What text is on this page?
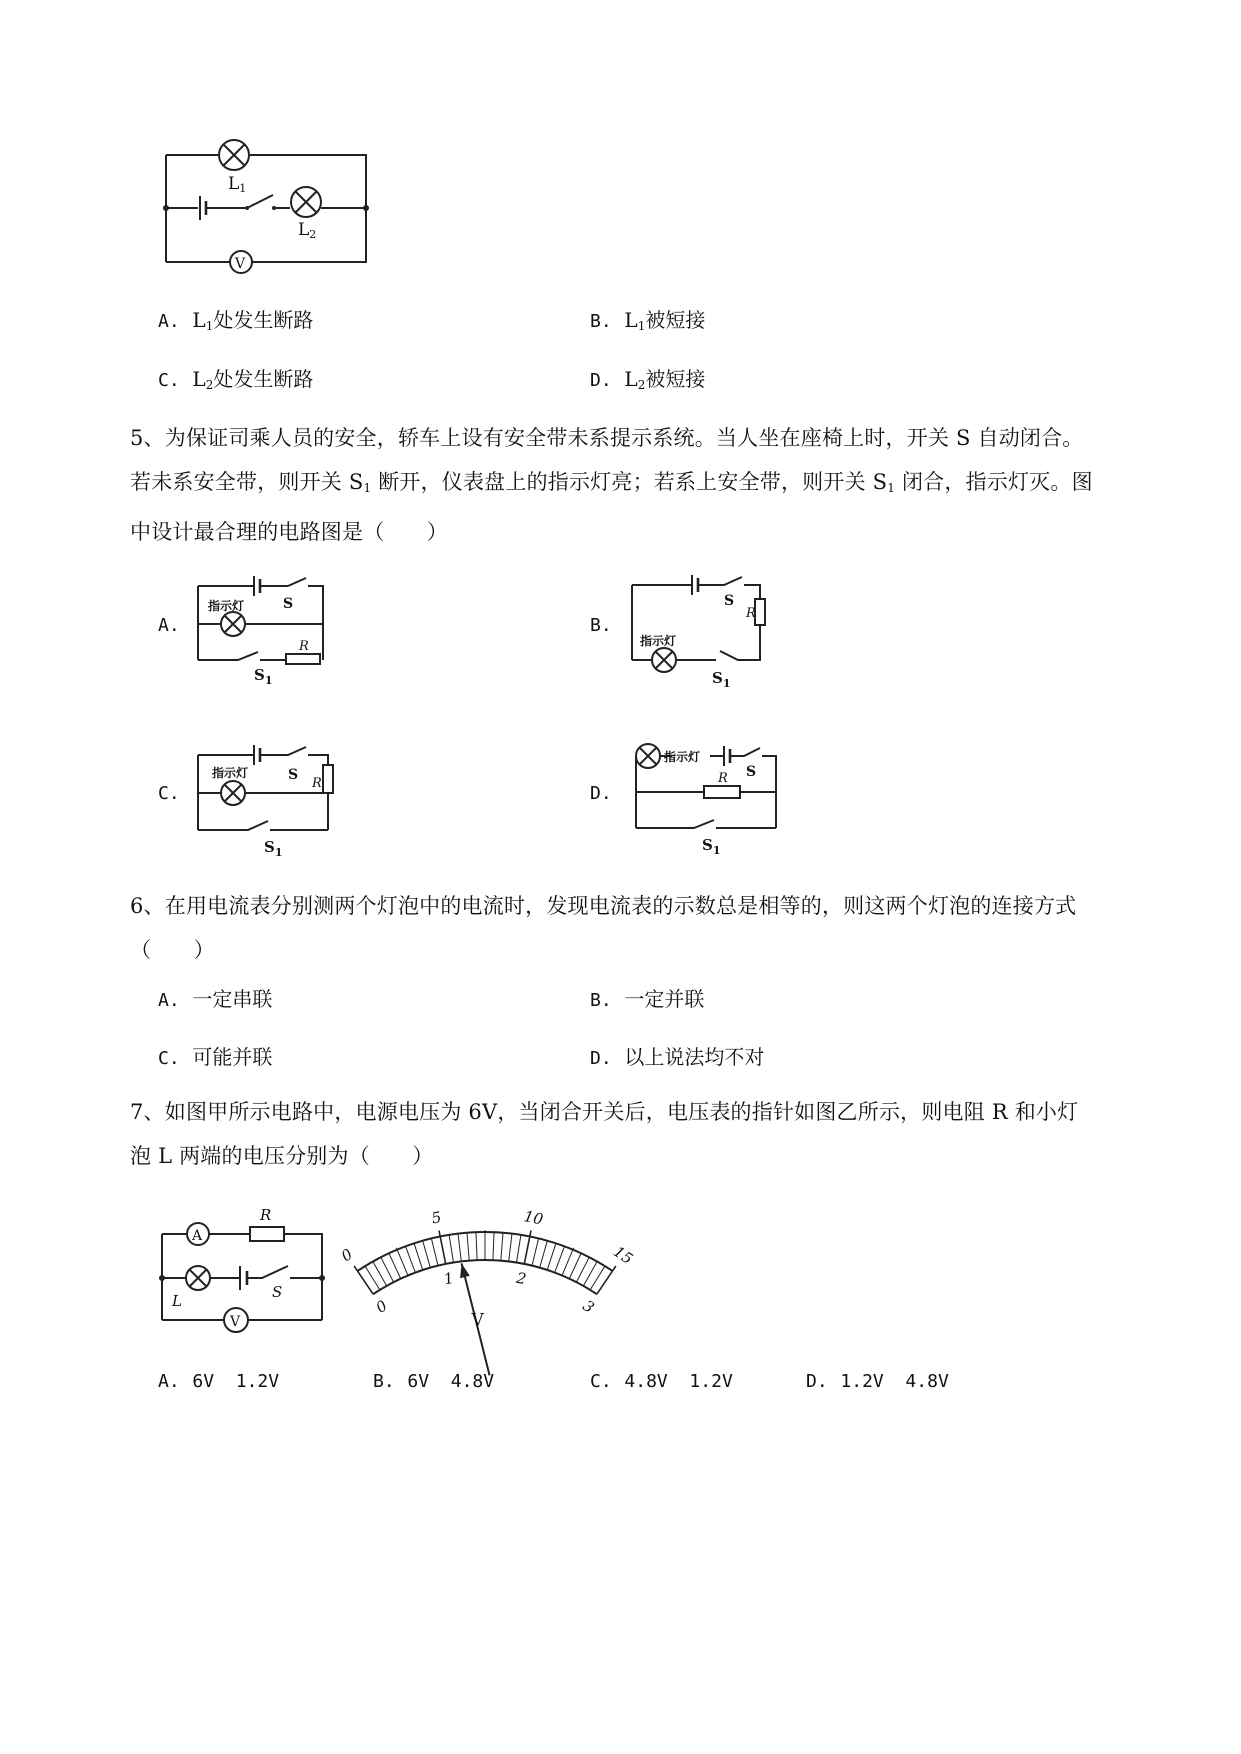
L1
L2
V
A. $L_1$处发生断路	B. $L_1$被短接
C. $L_2$处发生断路	D. $L_2$被短接
5、为保证司乘人员的安全，轿车上设有安全带未系提示系统。当人坐在座椅上时，开关 S 自动闭合。
若未系安全带，则开关 $S_1$ 断开，仪表盘上的指示灯亮；若系上安全带，则开关 $S_1$ 闭合，指示灯灭。图
中设计最合理的电路图是（　　）
A.
S
指示灯
R
$S_1$
B.
S
R
指示灯
$S_1$
C.
S
R
指示灯
$S_1$
D.
指示灯
S
R
$S_1$
6、在用电流表分别测两个灯泡中的电流时，发现电流表的示数总是相等的，则这两个灯泡的连接方式
（　　）
A. 一定串联	B. 一定并联
C. 可能并联	D. 以上说法均不对
7、如图甲所示电路中，电源电压为 6V，当闭合开关后，电压表的指针如图乙所示，则电阻 R 和小灯
泡 L 两端的电压分别为（　　）
A
R
L	S
V
0
5	10
15
0
1	2
3
V
A. 6V  1.2V	B. 6V  4.8V	C. 4.8V  1.2V	D. 1.2V  4.8V
